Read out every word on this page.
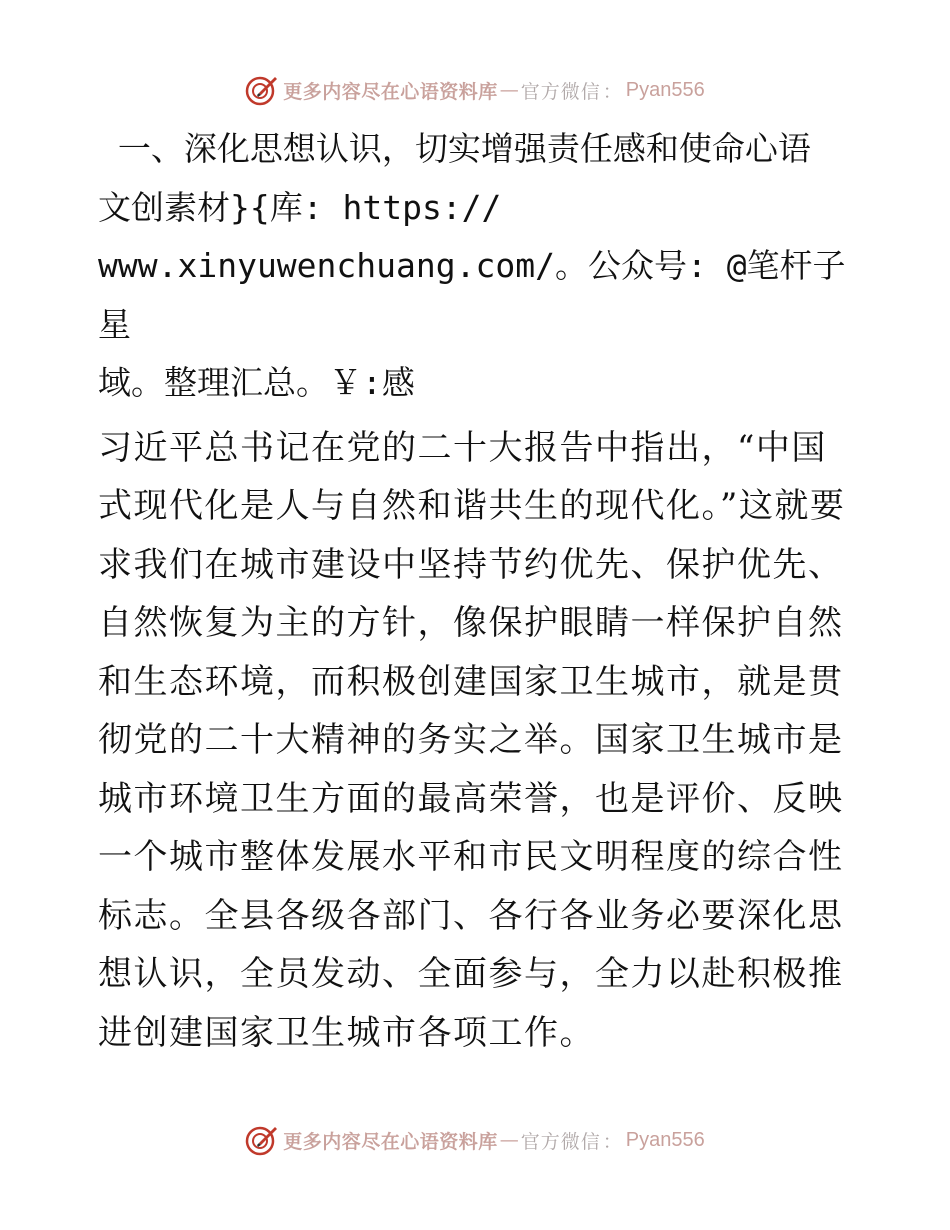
更多内容尽在心语资料库 — 官方微信 ： Pyan556

一、深化思想认识，切实增强责任感和使命心语
文创素材}{库: https://
www.xinyuwenchuang.com/。公众号: @笔杆子星
域。整理汇总。￥:感

习近平总书记在党的二十大报告中指出，“中国式现代化是人与自然和谐共生的现代化。”这就要求我们在城市建设中坚持节约优先、保护优先、自然恢复为主的方针，像保护眼睛一样保护自然和生态环境，而积极创建国家卫生城市，就是贯彻党的二十大精神的务实之举。国家卫生城市是城市环境卫生方面的最高荣誉，也是评价、反映一个城市整体发展水平和市民文明程度的综合性标志。全县各级各部门、各行各业务必要深化思想认识，全员发动、全面参与，全力以赴积极推进创建国家卫生城市各项工作。

更多内容尽在心语资料库 — 官方微信 ： Pyan556
